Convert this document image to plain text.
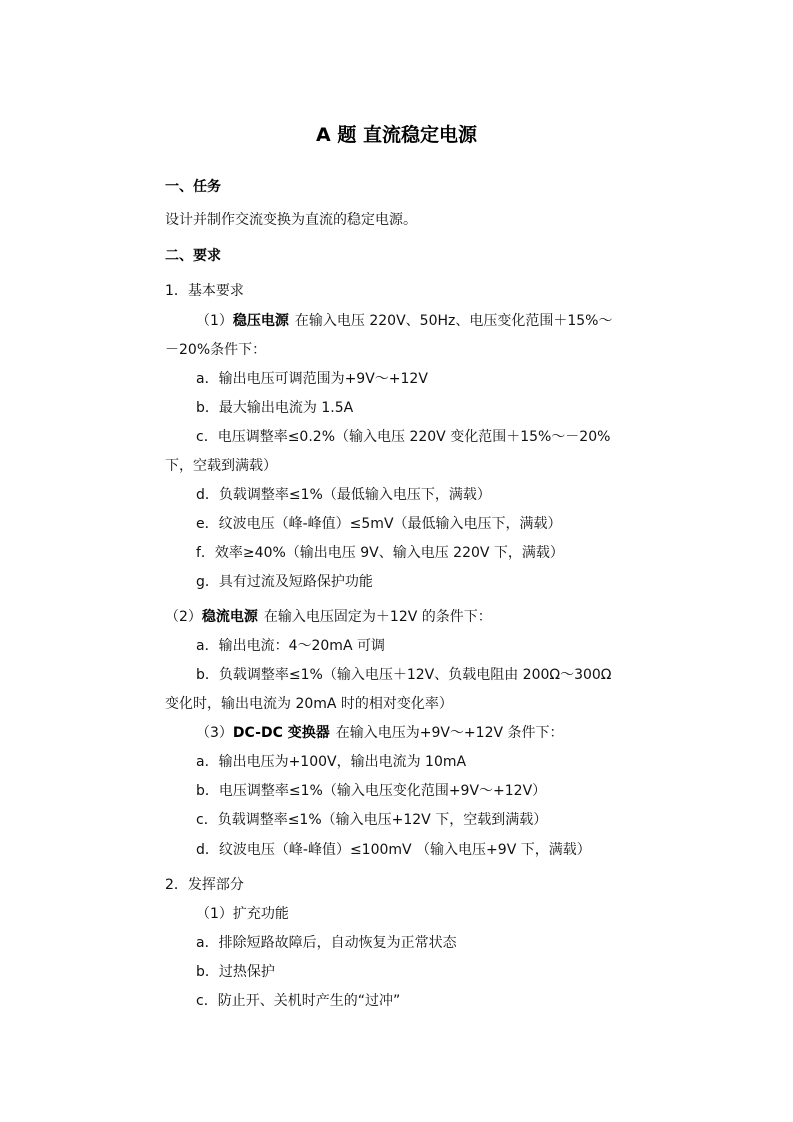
A 题 直流稳定电源
一、任务
设计并制作交流变换为直流的稳定电源。
二、要求
1．基本要求
（1）稳压电源 在输入电压 220V、50Hz、电压变化范围＋15%～
－20%条件下：
a．输出电压可调范围为+9V～+12V
b．最大输出电流为 1.5A
c．电压调整率≤0.2%（输入电压 220V 变化范围＋15%～－20%
下，空载到满载）
d．负载调整率≤1%（最低输入电压下，满载）
e．纹波电压（峰-峰值）≤5mV（最低输入电压下，满载）
f．效率≥40%（输出电压 9V、输入电压 220V 下，满载）
g．具有过流及短路保护功能
（2）稳流电源 在输入电压固定为＋12V 的条件下：
a．输出电流：4～20mA 可调
b．负载调整率≤1%（输入电压＋12V、负载电阻由 200Ω～300Ω
变化时，输出电流为 20mA 时的相对变化率）
（3）DC-DC 变换器 在输入电压为+9V～+12V 条件下：
a．输出电压为+100V，输出电流为 10mA
b．电压调整率≤1%（输入电压变化范围+9V～+12V）
c．负载调整率≤1%（输入电压+12V 下，空载到满载）
d．纹波电压（峰-峰值）≤100mV （输入电压+9V 下，满载）
2．发挥部分
（1）扩充功能
a．排除短路故障后，自动恢复为正常状态
b．过热保护
c．防止开、关机时产生的“过冲”
